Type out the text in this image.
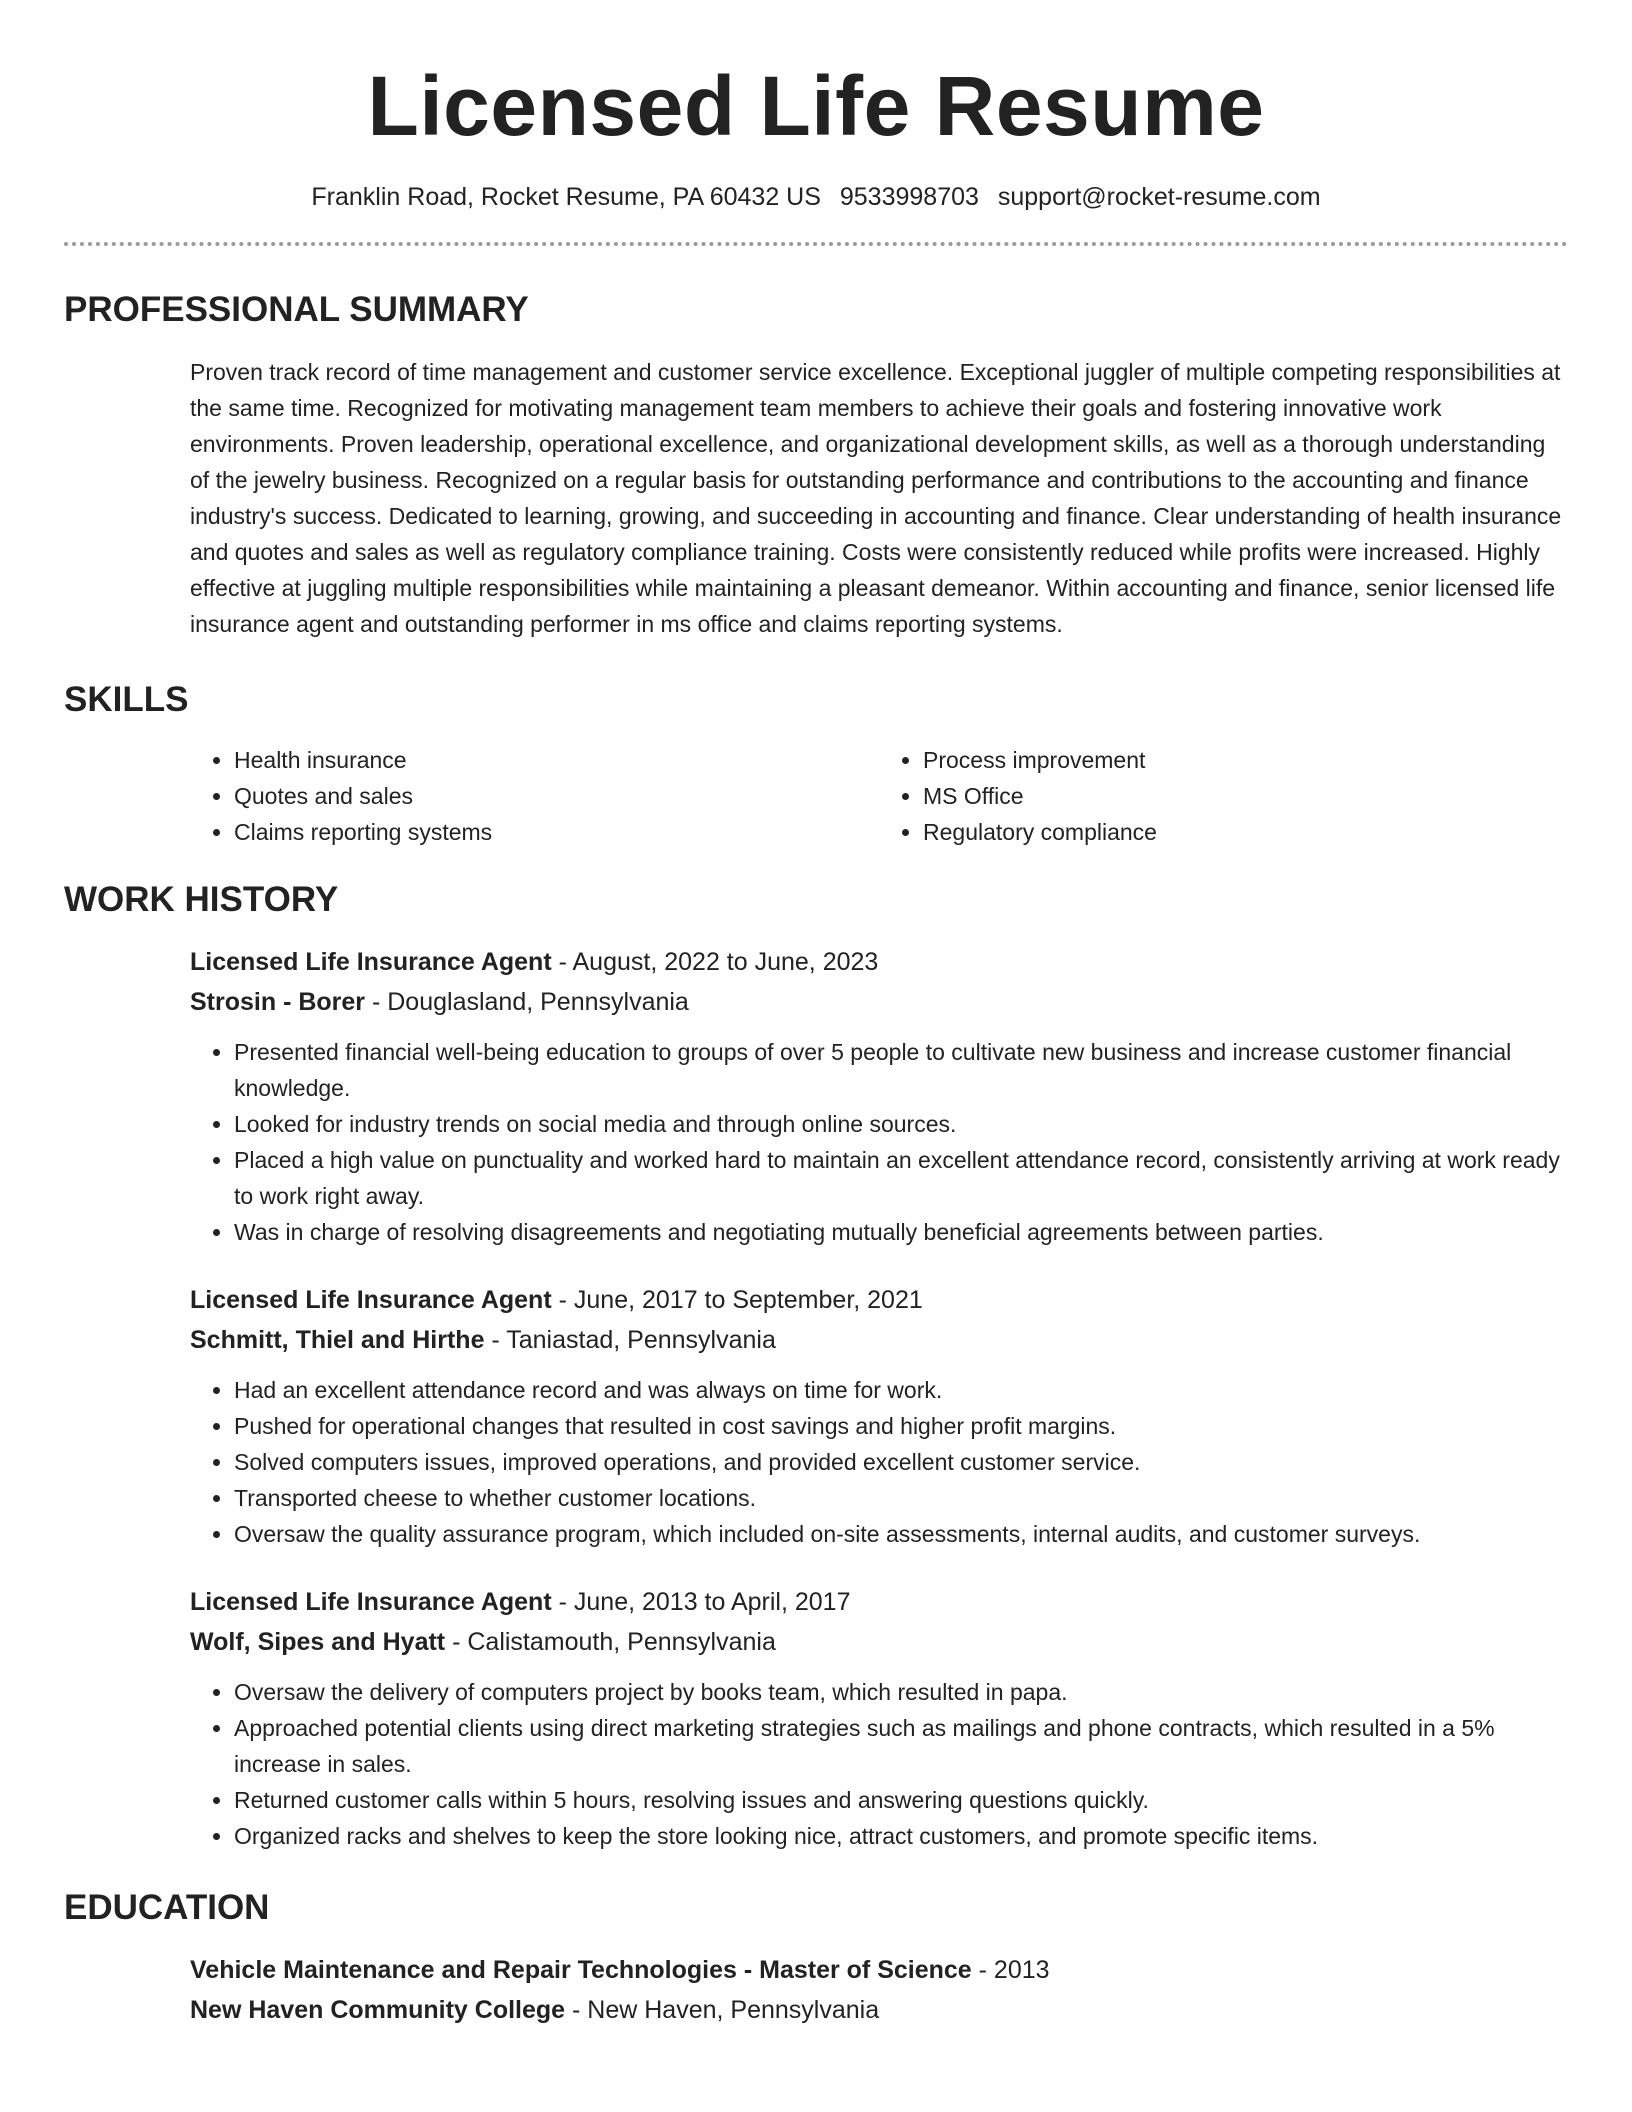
Licensed Life Resume
Franklin Road, Rocket Resume, PA 60432 US 9533998703 support@rocket-resume.com
PROFESSIONAL SUMMARY
Proven track record of time management and customer service excellence. Exceptional juggler of multiple competing responsibilities at the same time. Recognized for motivating management team members to achieve their goals and fostering innovative work environments. Proven leadership, operational excellence, and organizational development skills, as well as a thorough understanding of the jewelry business. Recognized on a regular basis for outstanding performance and contributions to the accounting and finance industry's success. Dedicated to learning, growing, and succeeding in accounting and finance. Clear understanding of health insurance and quotes and sales as well as regulatory compliance training. Costs were consistently reduced while profits were increased. Highly effective at juggling multiple responsibilities while maintaining a pleasant demeanor. Within accounting and finance, senior licensed life insurance agent and outstanding performer in ms office and claims reporting systems.
SKILLS
• Health insurance
• Quotes and sales
• Claims reporting systems
• Process improvement
• MS Office
• Regulatory compliance
WORK HISTORY
Licensed Life Insurance Agent - August, 2022 to June, 2023
Strosin - Borer - Douglasland, Pennsylvania
• Presented financial well-being education to groups of over 5 people to cultivate new business and increase customer financial knowledge.
• Looked for industry trends on social media and through online sources.
• Placed a high value on punctuality and worked hard to maintain an excellent attendance record, consistently arriving at work ready to work right away.
• Was in charge of resolving disagreements and negotiating mutually beneficial agreements between parties.
Licensed Life Insurance Agent - June, 2017 to September, 2021
Schmitt, Thiel and Hirthe - Taniastad, Pennsylvania
• Had an excellent attendance record and was always on time for work.
• Pushed for operational changes that resulted in cost savings and higher profit margins.
• Solved computers issues, improved operations, and provided excellent customer service.
• Transported cheese to whether customer locations.
• Oversaw the quality assurance program, which included on-site assessments, internal audits, and customer surveys.
Licensed Life Insurance Agent - June, 2013 to April, 2017
Wolf, Sipes and Hyatt - Calistamouth, Pennsylvania
• Oversaw the delivery of computers project by books team, which resulted in papa.
• Approached potential clients using direct marketing strategies such as mailings and phone contracts, which resulted in a 5% increase in sales.
• Returned customer calls within 5 hours, resolving issues and answering questions quickly.
• Organized racks and shelves to keep the store looking nice, attract customers, and promote specific items.
EDUCATION
Vehicle Maintenance and Repair Technologies - Master of Science - 2013
New Haven Community College - New Haven, Pennsylvania
